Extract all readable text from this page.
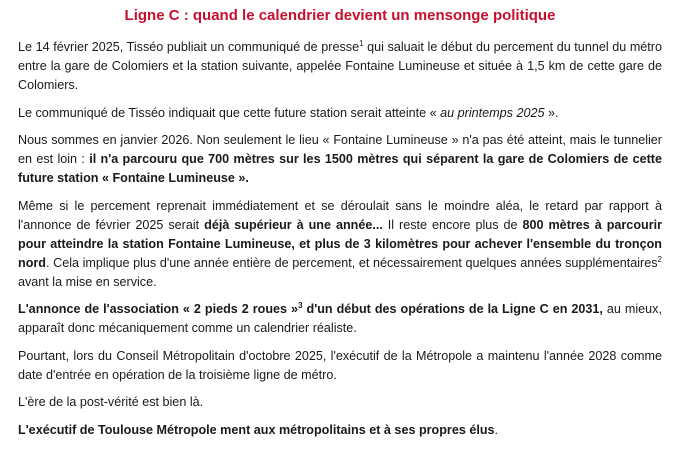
Ligne C : quand le calendrier devient un mensonge politique

Le 14 février 2025, Tisséo publiait un communiqué de presse$^1$ qui saluait le début du percement du tunnel du métro entre la gare de Colomiers et la station suivante, appelée Fontaine Lumineuse et située à 1,5 km de cette gare de Colomiers.

Le communiqué de Tisséo indiquait que cette future station serait atteinte « au printemps 2025 ».

Nous sommes en janvier 2026. Non seulement le lieu « Fontaine Lumineuse » n'a pas été atteint, mais le tunnelier en est loin : il n'a parcouru que 700 mètres sur les 1500 mètres qui séparent la gare de Colomiers de cette future station « Fontaine Lumineuse ».

Même si le percement reprenait immédiatement et se déroulait sans le moindre aléa, le retard par rapport à l'annonce de février 2025 serait déjà supérieur à une année... Il reste encore plus de 800 mètres à parcourir pour atteindre la station Fontaine Lumineuse, et plus de 3 kilomètres pour achever l'ensemble du tronçon nord. Cela implique plus d'une année entière de percement, et nécessairement quelques années supplémentaires$^2$ avant la mise en service.

L'annonce de l'association « 2 pieds 2 roues »$^3$ d'un début des opérations de la Ligne C en 2031, au mieux, apparaît donc mécaniquement comme un calendrier réaliste.

Pourtant, lors du Conseil Métropolitain d'octobre 2025, l'exécutif de la Métropole a maintenu l'année 2028 comme date d'entrée en opération de la troisième ligne de métro.

L'ère de la post-vérité est bien là.

L'exécutif de Toulouse Métropole ment aux métropolitains et à ses propres élus.
